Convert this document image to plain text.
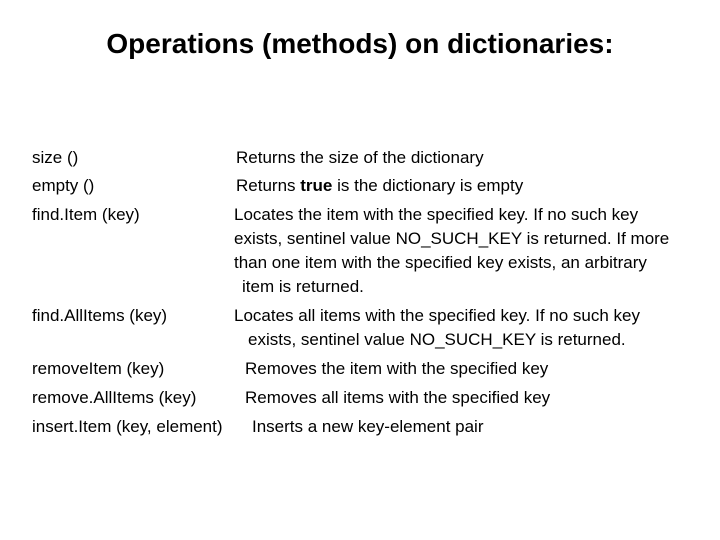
Operations (methods) on dictionaries:
size ()	Returns the size of the dictionary
empty ()	Returns true is the dictionary is empty
find.Item (key)	Locates the item with the specified key. If no such key
exists, sentinel value NO_SUCH_KEY is returned. If more
than one item with the specified key exists, an arbitrary
item is returned.
find.AllItems (key)	Locates all items with the specified key. If no such key
exists, sentinel value NO_SUCH_KEY is returned.
removeItem (key)	Removes the item with the specified key
remove.AllItems (key)	Removes all items with the specified key
insert.Item (key, element) Inserts a new key-element pair
